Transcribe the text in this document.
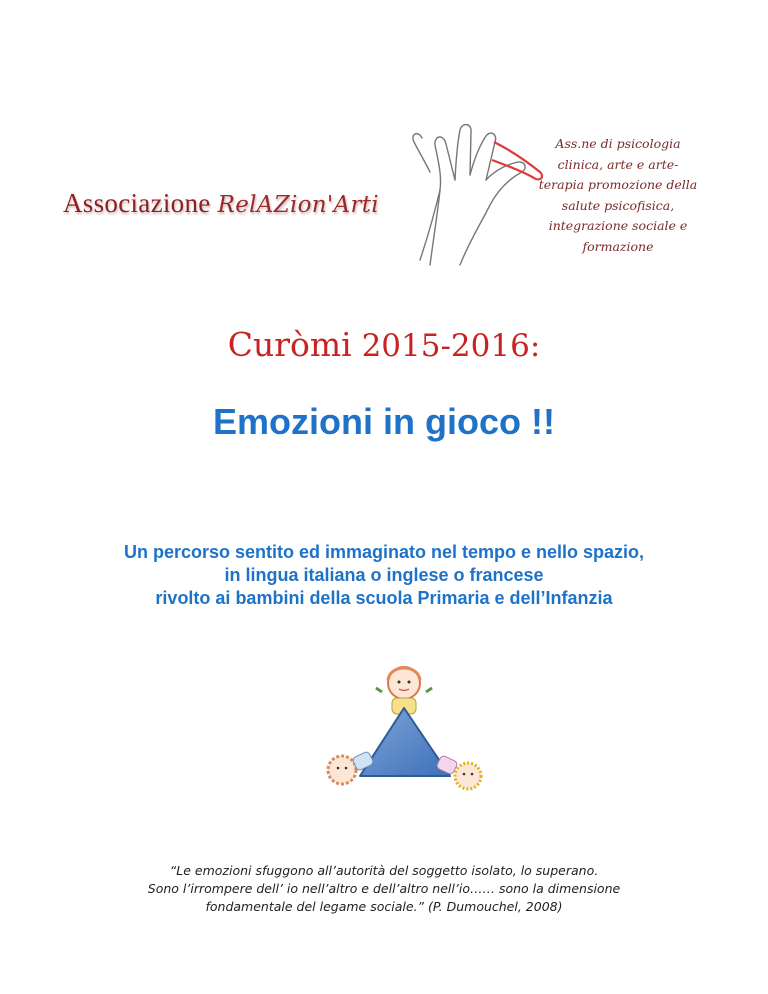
Associazione RelAZion'Arti
Ass.ne di psicologia
clinica, arte e arte-
terapia promozione della
salute psicofisica,
integrazione sociale e
formazione
Curòmi 2015-2016:
Emozioni in gioco !!
Un percorso sentito ed immaginato nel tempo e nello spazio,
in lingua italiana o inglese o francese
rivolto ai bambini della scuola Primaria e dell’Infanzia
“Le emozioni sfuggono all’autorità del soggetto isolato, lo superano.
Sono l’irrompere dell’ io nell’altro e dell’altro nell’io…… sono la dimensione
fondamentale del legame sociale.” (P. Dumouchel, 2008)
